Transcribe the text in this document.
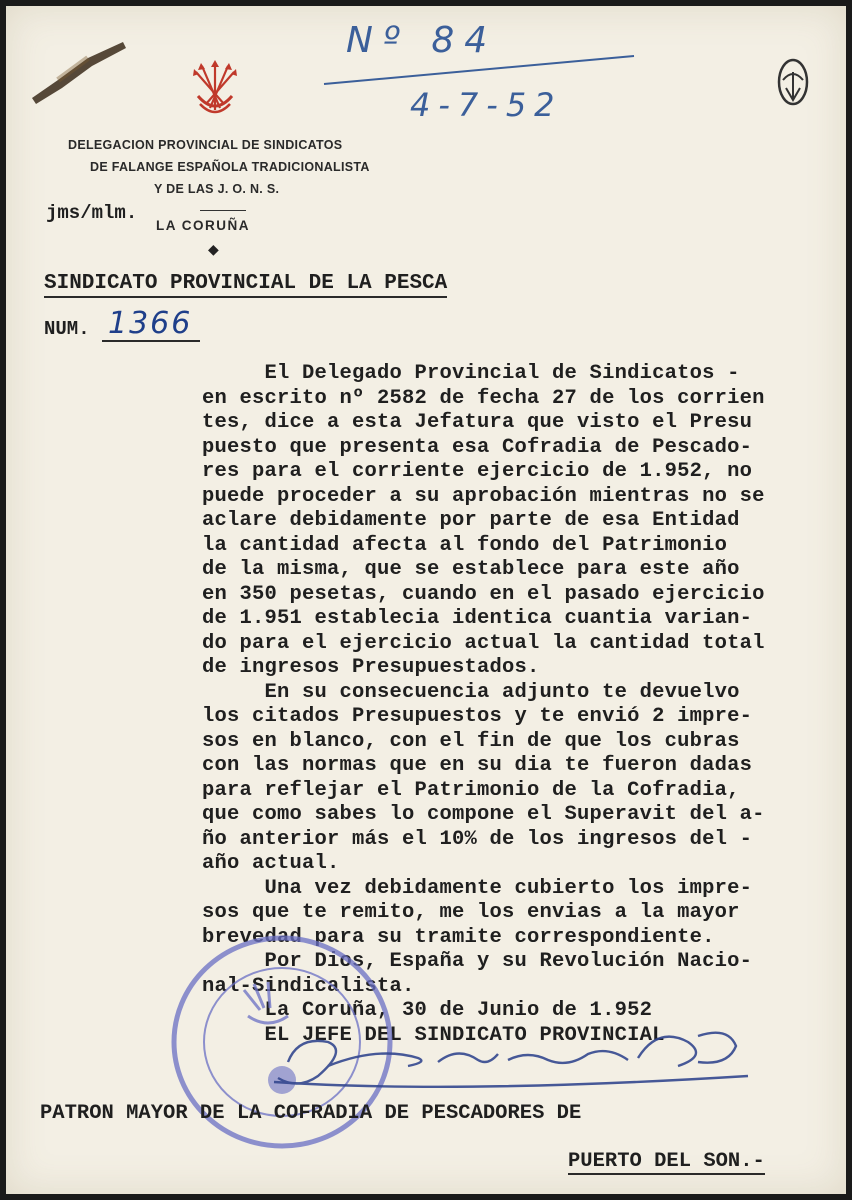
Nº 84
4-7-52
DELEGACION PROVINCIAL DE SINDICATOS
DE FALANGE ESPAÑOLA TRADICIONALISTA
Y DE LAS J. O. N. S.
jms/mlm.
LA CORUÑA
◆
SINDICATO PROVINCIAL DE LA PESCA
NUM. 1366
El Delegado Provincial de Sindicatos -
en escrito nº 2582 de fecha 27 de los corrien
tes, dice a esta Jefatura que visto el Presu
puesto que presenta esa Cofradia de Pescado-
res para el corriente ejercicio de 1.952, no
puede proceder a su aprobación mientras no se
aclare debidamente por parte de esa Entidad
la cantidad afecta al fondo del Patrimonio
de la misma, que se establece para este año
en 350 pesetas, cuando en el pasado ejercicio
de 1.951 establecia identica cuantia varian-
do para el ejercicio actual la cantidad total
de ingresos Presupuestados.
En su consecuencia adjunto te devuelvo
los citados Presupuestos y te envió 2 impre-
sos en blanco, con el fin de que los cubras
con las normas que en su dia te fueron dadas
para reflejar el Patrimonio de la Cofradia,
que como sabes lo compone el Superavit del a-
ño anterior más el 10% de los ingresos del -
año actual.
Una vez debidamente cubierto los impre-
sos que te remito, me los envias a la mayor
brevedad para su tramite correspondiente.
Por Dios, España y su Revolución Nacio-
nal-Sindicalista.
La Coruña, 30 de Junio de 1.952
EL JEFE DEL SINDICATO PROVINCIAL
PATRON MAYOR DE LA COFRADIA DE PESCADORES DE
PUERTO DEL SON.-
